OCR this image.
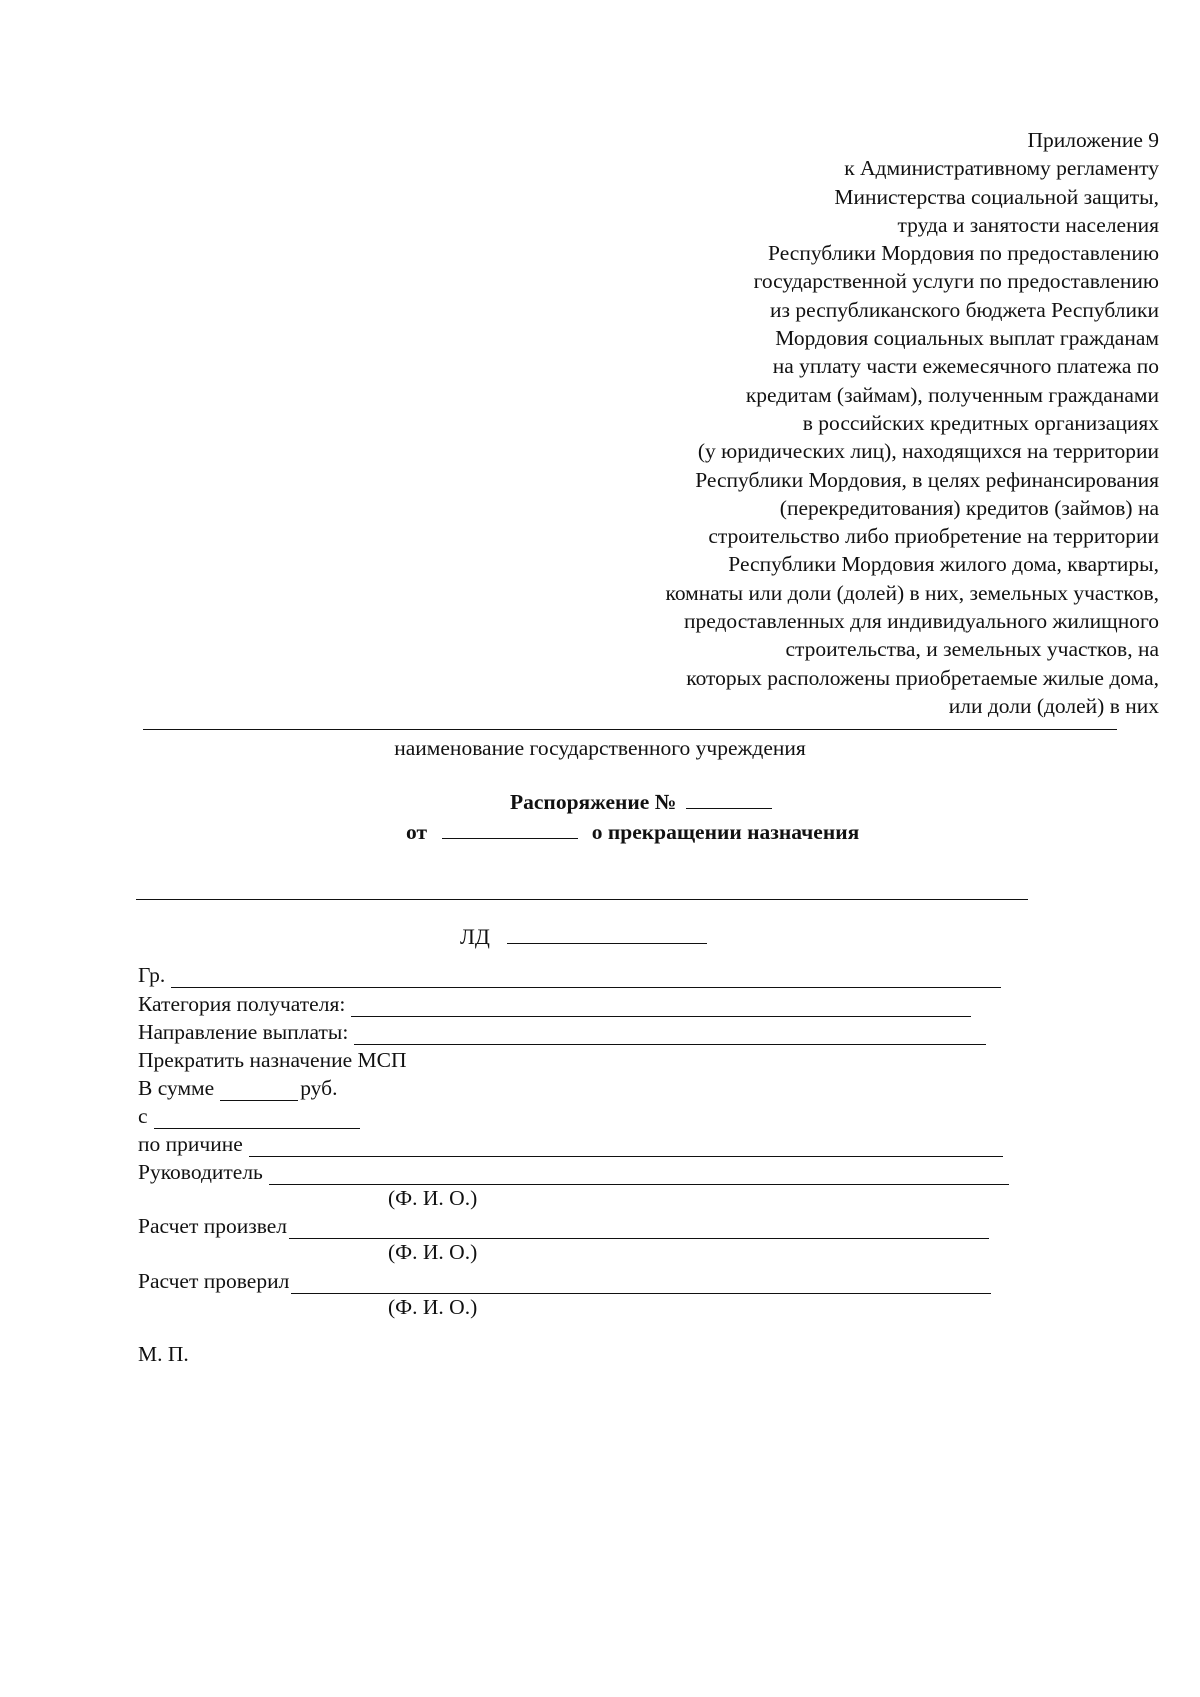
Приложение 9
к Административному регламенту
Министерства социальной защиты,
труда и занятости населения
Республики Мордовия по предоставлению
государственной услуги по предоставлению
из республиканского бюджета Республики
Мордовия социальных выплат гражданам
на уплату части ежемесячного платежа по
кредитам (займам), полученным гражданами
в российских кредитных организациях
(у юридических лиц), находящихся на территории
Республики Мордовия, в целях рефинансирования
(перекредитования) кредитов (займов) на
строительство либо приобретение на территории
Республики Мордовия жилого дома, квартиры,
комнаты или доли (долей) в них, земельных участков,
предоставленных для индивидуального жилищного
строительства, и земельных участков, на
которых расположены приобретаемые жилые дома,
или доли (долей) в них
наименование государственного учреждения
Распоряжение №
от	о прекращении назначения
ЛД
Гр.
Категория получателя:
Направление выплаты:
Прекратить назначение МСП
В сумме	руб.
с
по причине
Руководитель
(Ф. И. О.)
Расчет произвел
(Ф. И. О.)
Расчет проверил
(Ф. И. О.)
М. П.
